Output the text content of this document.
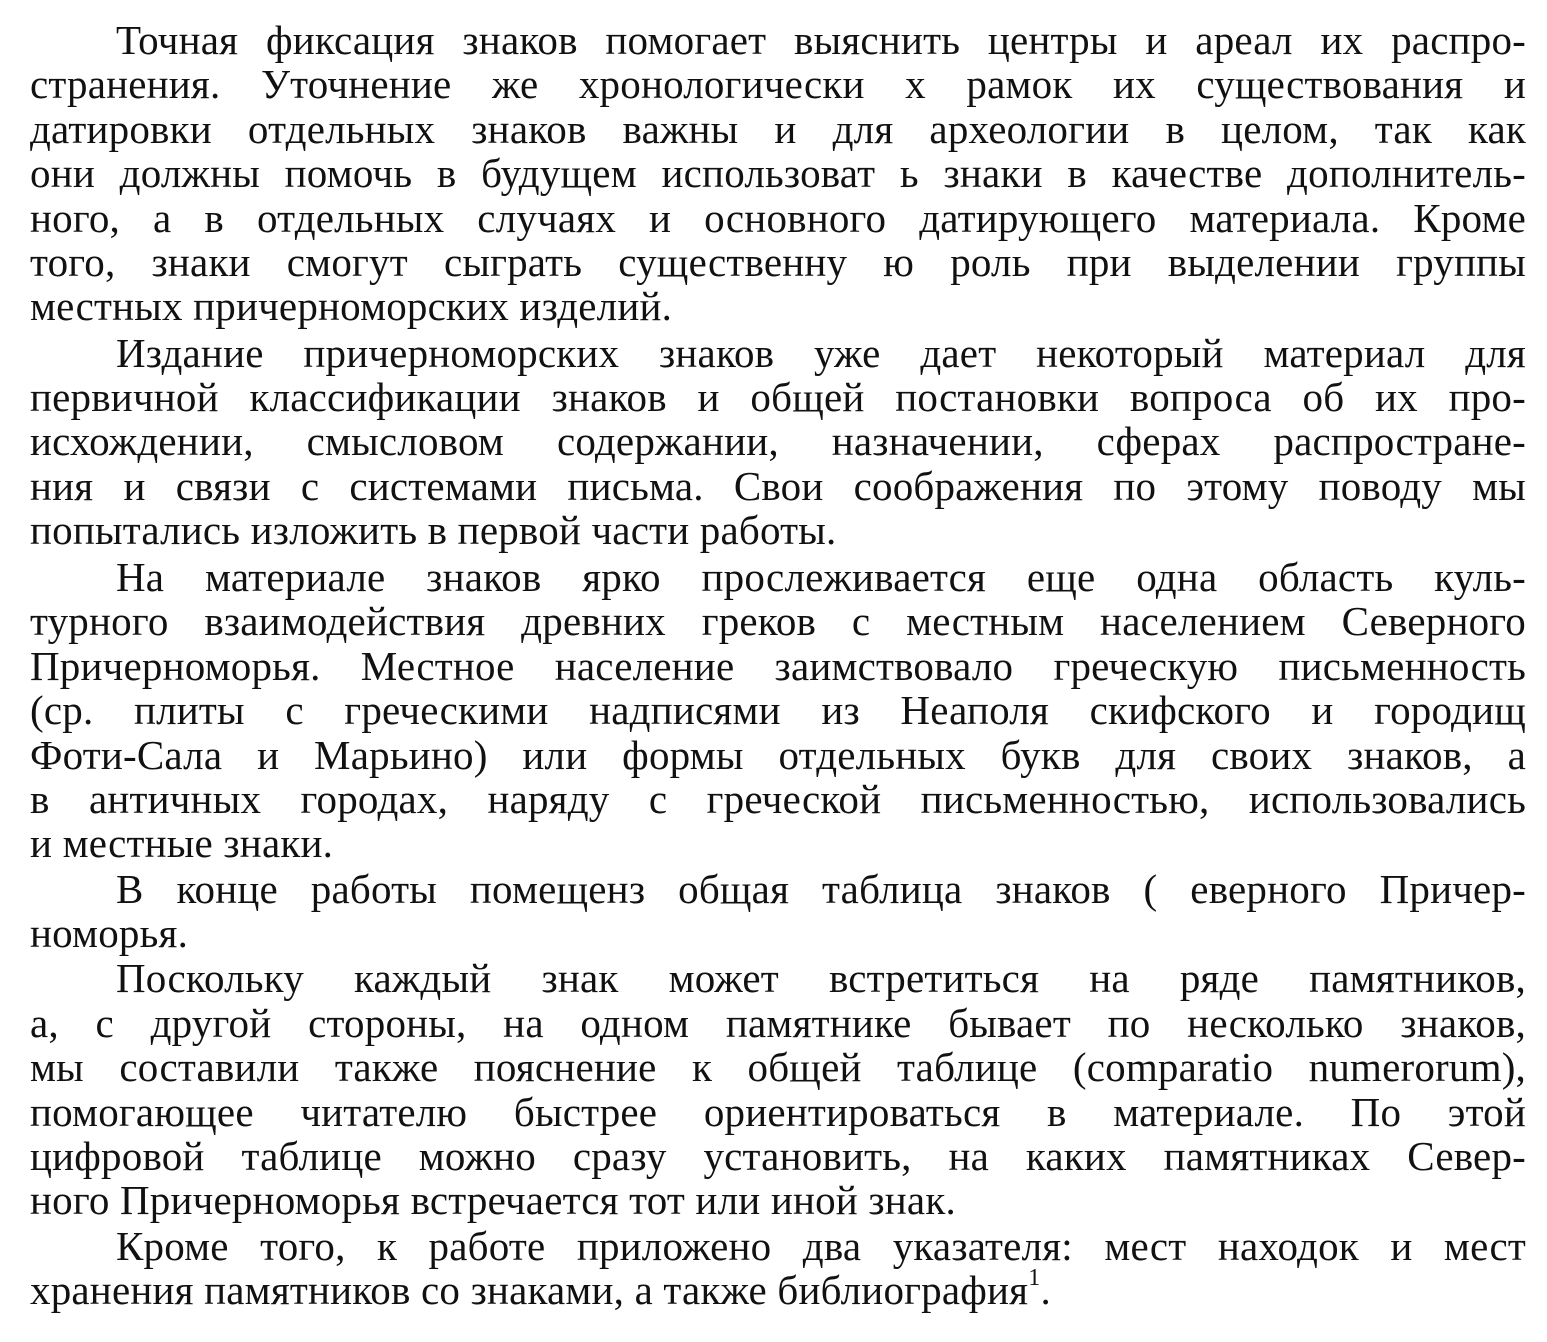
Точная фиксация знаков помогает выяснить центры и ареал их распро-
странения. Уточнение же хронологически х рамок их существования и
датировки отдельных знаков важны и для археологии в целом, так как
они должны помочь в будущем использоват ь знаки в качестве дополнитель-
ного, а в отдельных случаях и основного датирующего материала. Кроме
того, знаки смогут сыграть существенну ю роль при выделении группы
местных причерноморских изделий.
Издание причерноморских знаков уже дает некоторый материал для
первичной классификации знаков и общей постановки вопроса об их про-
исхождении, смысловом содержании, назначении, сферах распростране-
ния и связи с системами письма. Свои соображения по этому поводу мы
попытались изложить в первой части работы.
На материале знаков ярко прослеживается еще одна область куль-
турного взаимодействия древних греков с местным населением Северного
Причерноморья. Местное население заимствовало греческую письменность
(ср. плиты с греческими надписями из Неаполя скифского и городищ
Фоти-Сала и Марьино) или формы отдельных букв для своих знаков, а
в античных городах, наряду с греческой письменностью, использовались
и местные знаки.
В конце работы помещенз общая таблица знаков ( еверного Причер-
номорья.
Поскольку каждый знак может встретиться на ряде памятников,
а, с другой стороны, на одном памятнике бывает по несколько знаков,
мы составили также пояснение к общей таблице (comparatio numerorum),
помогающее читателю быстрее ориентироваться в материале. По этой
цифровой таблице можно сразу установить, на каких памятниках Север-
ного Причерноморья встречается тот или иной знак.
Кроме того, к работе приложено два указателя: мест находок и мест
хранения памятников со знаками, а также библиография$^1$.
